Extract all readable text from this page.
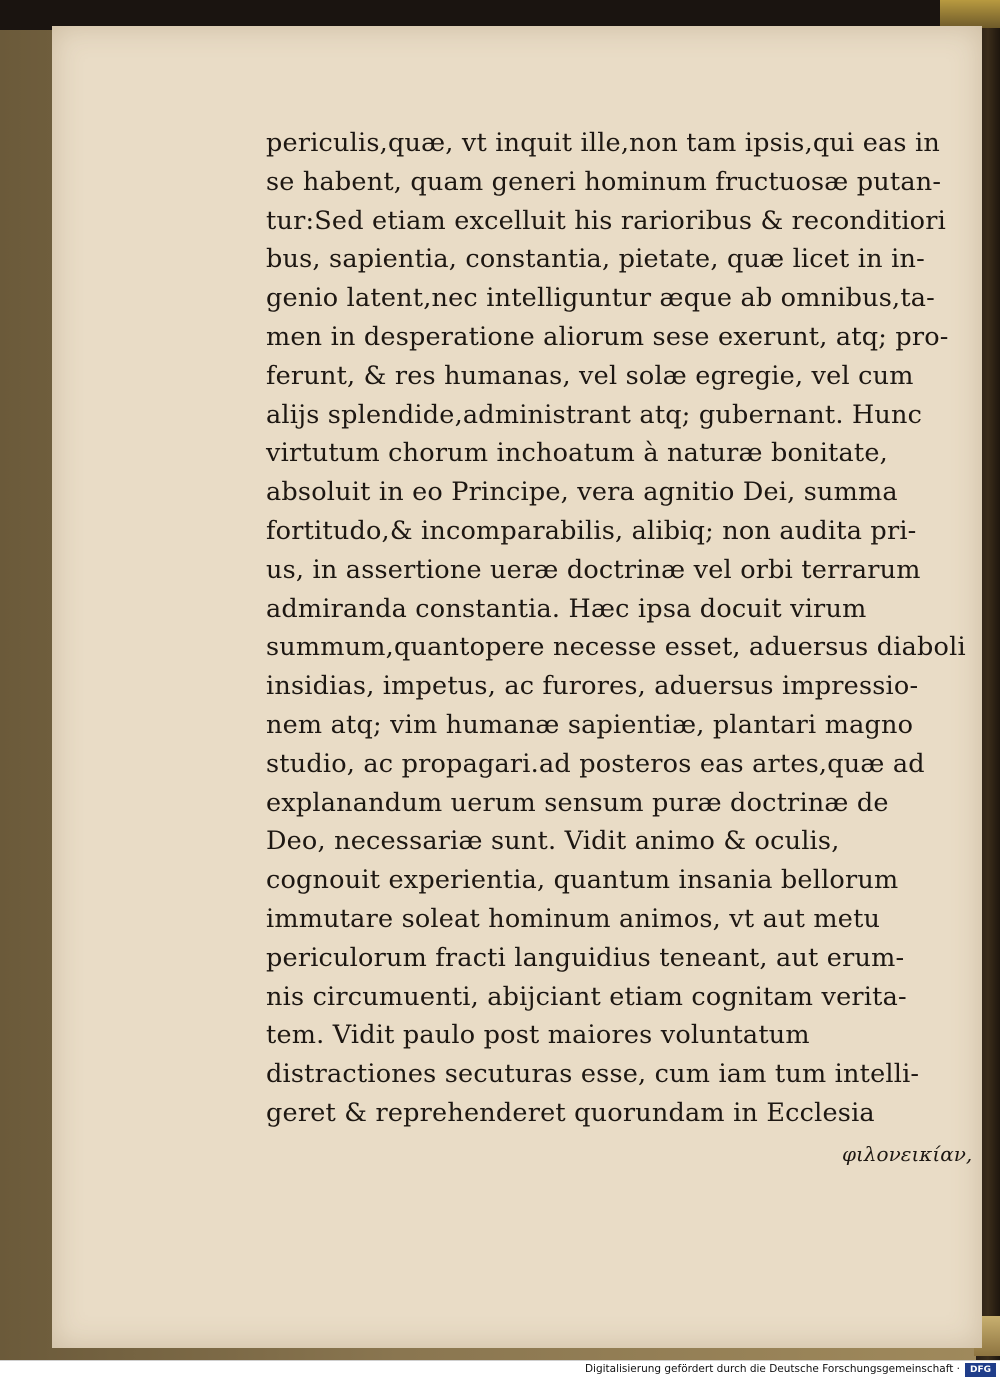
periculis,quæ, vt inquit ille,non tam ipsis,qui eas in
se habent, quam generi hominum fructuosæ putan-
tur:Sed etiam excelluit his rarioribus & reconditiori
bus, sapientia, constantia, pietate, quæ licet in in-
genio latent,nec intelliguntur æque ab omnibus,ta-
men in desperatione aliorum sese exerunt, atq; pro-
ferunt, & res humanas, vel solæ egregie, vel cum
alijs splendide,administrant atq; gubernant. Hunc
virtutum chorum inchoatum à naturæ bonitate,
absoluit in eo Principe, vera agnitio Dei, summa
fortitudo,& incomparabilis, alibiq; non audita pri-
us, in assertione ueræ doctrinæ vel orbi terrarum
admiranda constantia. Hæc ipsa docuit virum
summum,quantopere necesse esset, aduersus diaboli
insidias, impetus, ac furores, aduersus impressio-
nem atq; vim humanæ sapientiæ, plantari magno
studio, ac propagari.ad posteros eas artes,quæ ad
explanandum uerum sensum puræ doctrinæ de
Deo, necessariæ sunt. Vidit animo & oculis,
cognouit experientia, quantum insania bellorum
immutare soleat hominum animos, vt aut metu
periculorum fracti languidius teneant, aut erum-
nis circumuenti, abijciant etiam cognitam verita-
tem. Vidit paulo post maiores voluntatum
distractiones secuturas esse, cum iam tum intelli-
geret & reprehenderet quorundam in Ecclesia
φιλονεικίαν,
Digitalisierung gefördert durch die Deutsche Forschungsgemeinschaft ·	DFG
